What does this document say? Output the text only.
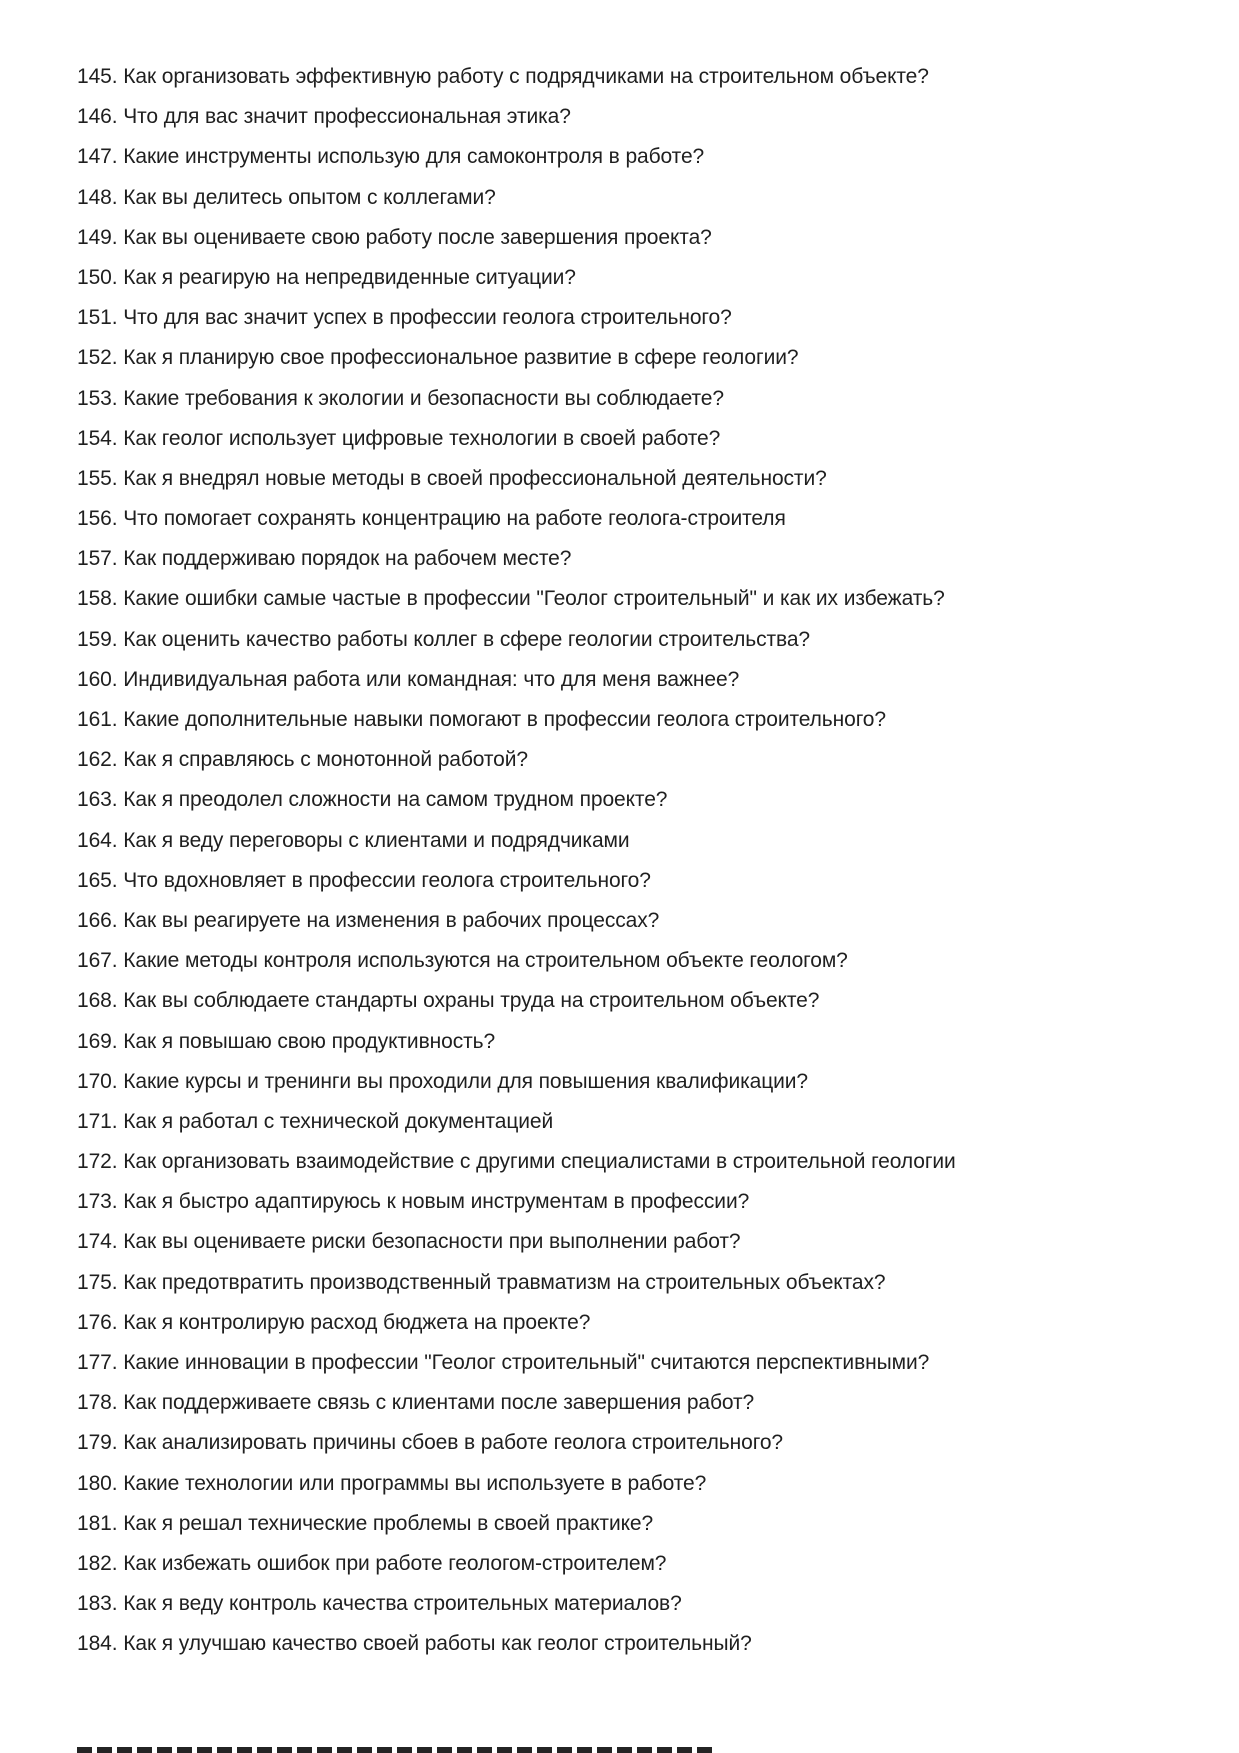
145. Как организовать эффективную работу с подрядчиками на строительном объекте?
146. Что для вас значит профессиональная этика?
147. Какие инструменты использую для самоконтроля в работе?
148. Как вы делитесь опытом с коллегами?
149. Как вы оцениваете свою работу после завершения проекта?
150. Как я реагирую на непредвиденные ситуации?
151. Что для вас значит успех в профессии геолога строительного?
152. Как я планирую свое профессиональное развитие в сфере геологии?
153. Какие требования к экологии и безопасности вы соблюдаете?
154. Как геолог использует цифровые технологии в своей работе?
155. Как я внедрял новые методы в своей профессиональной деятельности?
156. Что помогает сохранять концентрацию на работе геолога-строителя
157. Как поддерживаю порядок на рабочем месте?
158. Какие ошибки самые частые в профессии "Геолог строительный" и как их избежать?
159. Как оценить качество работы коллег в сфере геологии строительства?
160. Индивидуальная работа или командная: что для меня важнее?
161. Какие дополнительные навыки помогают в профессии геолога строительного?
162. Как я справляюсь с монотонной работой?
163. Как я преодолел сложности на самом трудном проекте?
164. Как я веду переговоры с клиентами и подрядчиками
165. Что вдохновляет в профессии геолога строительного?
166. Как вы реагируете на изменения в рабочих процессах?
167. Какие методы контроля используются на строительном объекте геологом?
168. Как вы соблюдаете стандарты охраны труда на строительном объекте?
169. Как я повышаю свою продуктивность?
170. Какие курсы и тренинги вы проходили для повышения квалификации?
171. Как я работал с технической документацией
172. Как организовать взаимодействие с другими специалистами в строительной геологии
173. Как я быстро адаптируюсь к новым инструментам в профессии?
174. Как вы оцениваете риски безопасности при выполнении работ?
175. Как предотвратить производственный травматизм на строительных объектах?
176. Как я контролирую расход бюджета на проекте?
177. Какие инновации в профессии "Геолог строительный" считаются перспективными?
178. Как поддерживаете связь с клиентами после завершения работ?
179. Как анализировать причины сбоев в работе геолога строительного?
180. Какие технологии или программы вы используете в работе?
181. Как я решал технические проблемы в своей практике?
182. Как избежать ошибок при работе геологом-строителем?
183. Как я веду контроль качества строительных материалов?
184. Как я улучшаю качество своей работы как геолог строительный?
